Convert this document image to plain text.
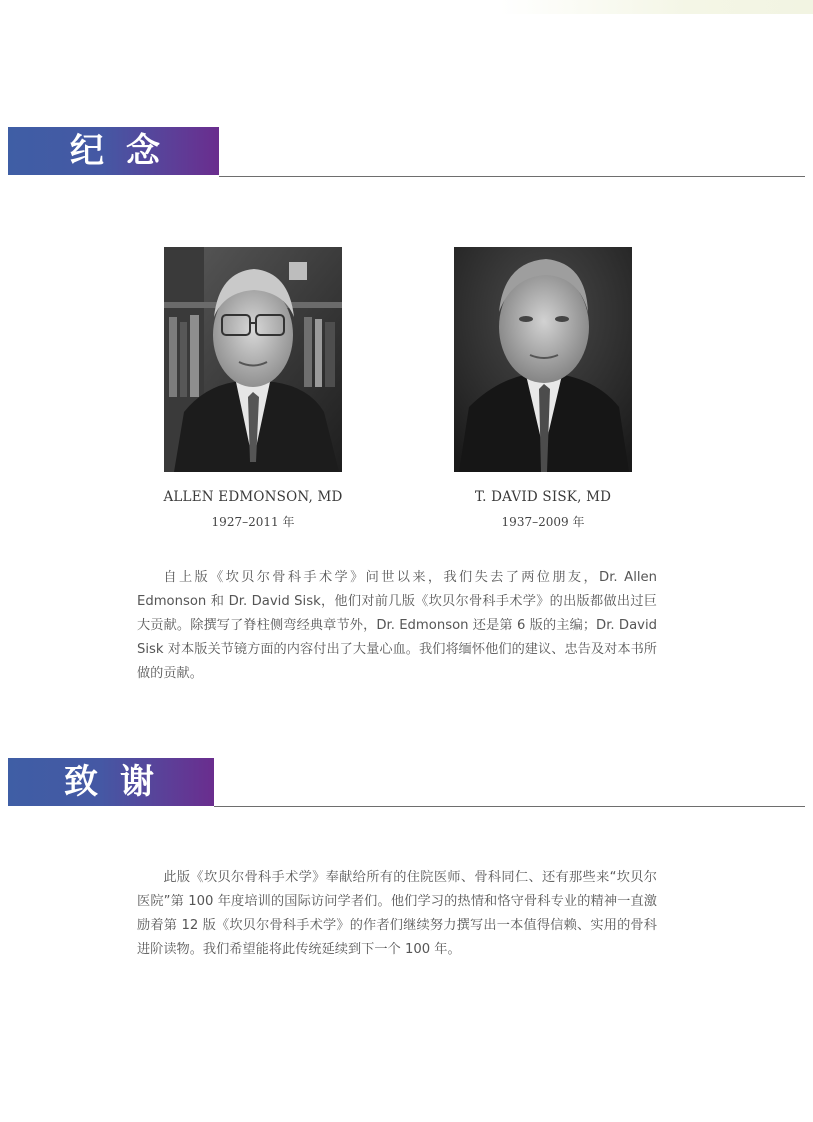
纪念
ALLEN EDMONSON, MD
1927–2011 年
T. DAVID SISK, MD
1937–2009 年

自上版《坎贝尔骨科手术学》问世以来，我们失去了两位朋友，Dr. Allen Edmonson 和 Dr. David Sisk，他们对前几版《坎贝尔骨科手术学》的出版都做出过巨大贡献。除撰写了脊柱侧弯经典章节外，Dr. Edmonson 还是第 6 版的主编；Dr. David Sisk 对本版关节镜方面的内容付出了大量心血。我们将缅怀他们的建议、忠告及对本书所做的贡献。

致谢

此版《坎贝尔骨科手术学》奉献给所有的住院医师、骨科同仁、还有那些来“坎贝尔医院”第 100 年度培训的国际访问学者们。他们学习的热情和恪守骨科专业的精神一直激励着第 12 版《坎贝尔骨科手术学》的作者们继续努力撰写出一本值得信赖、实用的骨科进阶读物。我们希望能将此传统延续到下一个 100 年。
